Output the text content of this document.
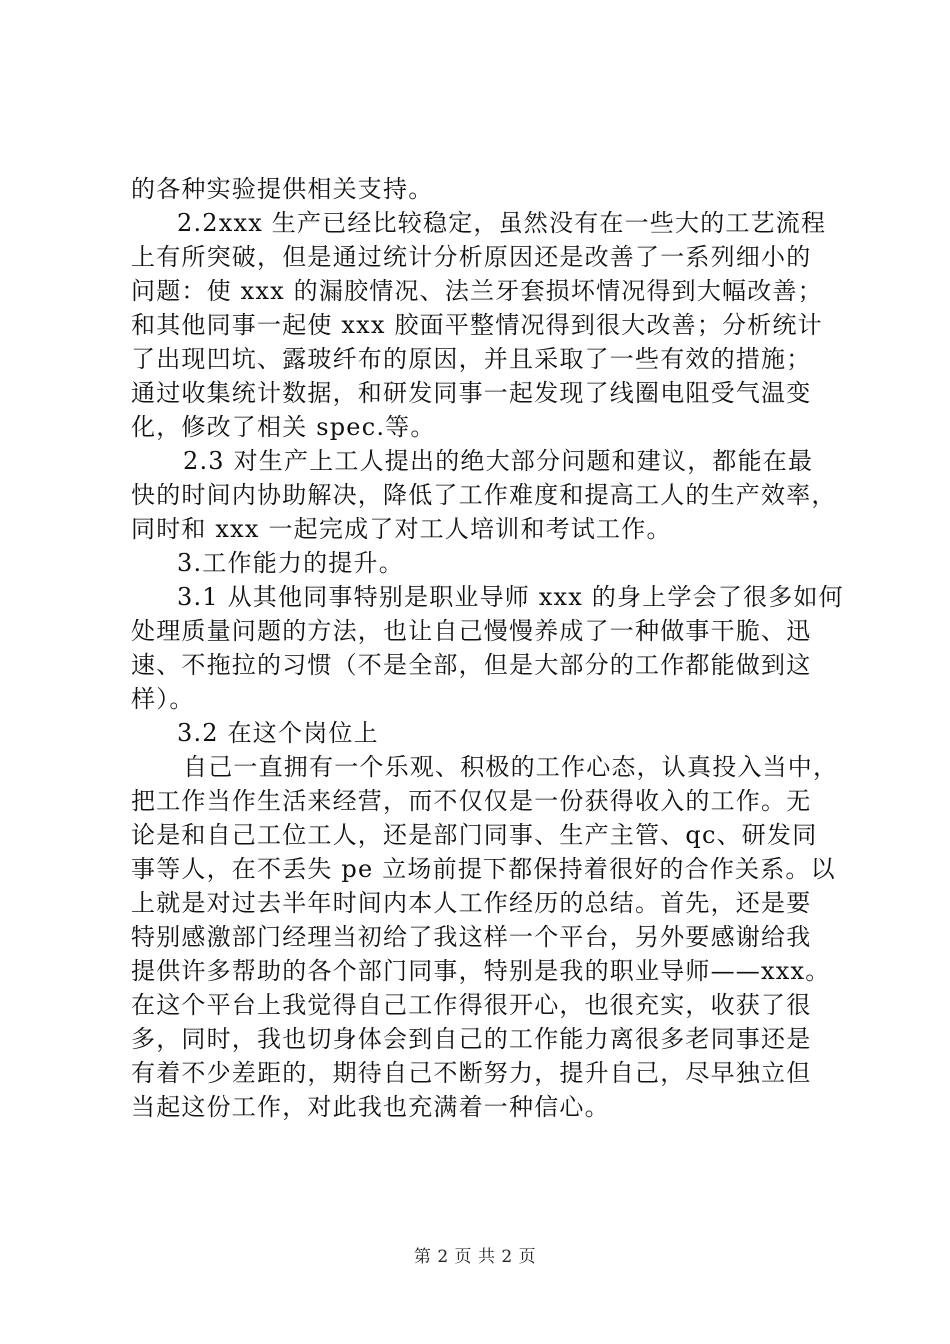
的各种实验提供相关支持。
2.2xxx 生产已经比较稳定，虽然没有在一些大的工艺流程
上有所突破，但是通过统计分析原因还是改善了一系列细小的
问题：使 xxx 的漏胶情况、法兰牙套损坏情况得到大幅改善；
和其他同事一起使 xxx 胶面平整情况得到很大改善；分析统计
了出现凹坑、露玻纤布的原因，并且采取了一些有效的措施；
通过收集统计数据，和研发同事一起发现了线圈电阻受气温变
化，修改了相关 spec.等。
2.3 对生产上工人提出的绝大部分问题和建议，都能在最
快的时间内协助解决，降低了工作难度和提高工人的生产效率，
同时和 xxx 一起完成了对工人培训和考试工作。
3.工作能力的提升。
3.1 从其他同事特别是职业导师 xxx 的身上学会了很多如何
处理质量问题的方法，也让自己慢慢养成了一种做事干脆、迅
速、不拖拉的习惯（不是全部，但是大部分的工作都能做到这
样）。
3.2 在这个岗位上
自己一直拥有一个乐观、积极的工作心态，认真投入当中，
把工作当作生活来经营，而不仅仅是一份获得收入的工作。无
论是和自己工位工人，还是部门同事、生产主管、qc、研发同
事等人，在不丢失 pe 立场前提下都保持着很好的合作关系。以
上就是对过去半年时间内本人工作经历的总结。首先，还是要
特别感激部门经理当初给了我这样一个平台，另外要感谢给我
提供许多帮助的各个部门同事，特别是我的职业导师——xxx。
在这个平台上我觉得自己工作得很开心，也很充实，收获了很
多，同时，我也切身体会到自己的工作能力离很多老同事还是
有着不少差距的，期待自己不断努力，提升自己，尽早独立但
当起这份工作，对此我也充满着一种信心。
第 2 页 共 2 页
